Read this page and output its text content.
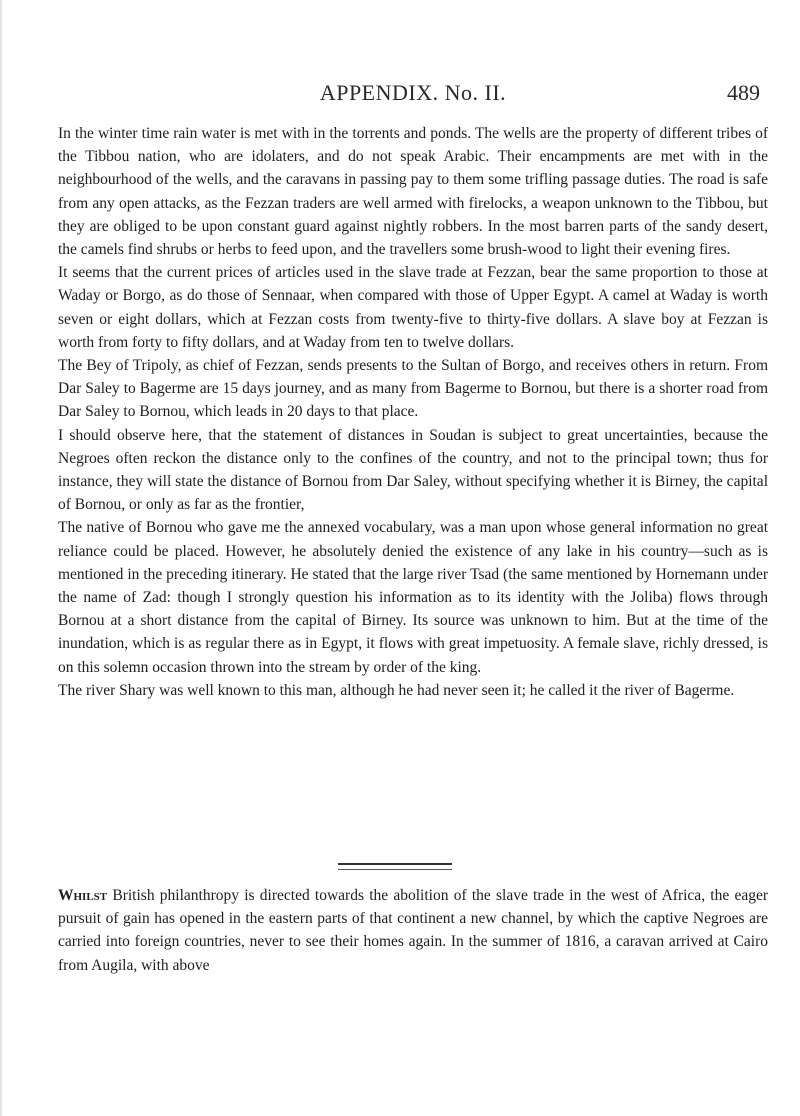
APPENDIX. No. II.	489

In the winter time rain water is met with in the torrents and ponds. The wells are the property of different tribes of the Tibbou nation, who are idolaters, and do not speak Arabic. Their encampments are met with in the neighbourhood of the wells, and the caravans in passing pay to them some trifling passage duties. The road is safe from any open attacks, as the Fezzan traders are well armed with firelocks, a weapon unknown to the Tibbou, but they are obliged to be upon constant guard against nightly robbers. In the most barren parts of the sandy desert, the camels find shrubs or herbs to feed upon, and the travellers some brush-wood to light their evening fires.

It seems that the current prices of articles used in the slave trade at Fezzan, bear the same proportion to those at Waday or Borgo, as do those of Sennaar, when compared with those of Upper Egypt. A camel at Waday is worth seven or eight dollars, which at Fezzan costs from twenty-five to thirty-five dollars. A slave boy at Fezzan is worth from forty to fifty dollars, and at Waday from ten to twelve dollars.

The Bey of Tripoly, as chief of Fezzan, sends presents to the Sultan of Borgo, and receives others in return. From Dar Saley to Bagerme are 15 days journey, and as many from Bagerme to Bornou, but there is a shorter road from Dar Saley to Bornou, which leads in 20 days to that place.

I should observe here, that the statement of distances in Soudan is subject to great uncertainties, because the Negroes often reckon the distance only to the confines of the country, and not to the principal town; thus for instance, they will state the distance of Bornou from Dar Saley, without specifying whether it is Birney, the capital of Bornou, or only as far as the frontier,

The native of Bornou who gave me the annexed vocabulary, was a man upon whose general information no great reliance could be placed. However, he absolutely denied the existence of any lake in his country—such as is mentioned in the preceding itinerary. He stated that the large river Tsad (the same mentioned by Hornemann under the name of Zad: though I strongly question his information as to its identity with the Joliba) flows through Bornou at a short distance from the capital of Birney. Its source was unknown to him. But at the time of the inundation, which is as regular there as in Egypt, it flows with great impetuosity. A female slave, richly dressed, is on this solemn occasion thrown into the stream by order of the king.

The river Shary was well known to this man, although he had never seen it; he called it the river of Bagerme.

Whilst British philanthropy is directed towards the abolition of the slave trade in the west of Africa, the eager pursuit of gain has opened in the eastern parts of that continent a new channel, by which the captive Negroes are carried into foreign countries, never to see their homes again. In the summer of 1816, a caravan arrived at Cairo from Augila, with above
